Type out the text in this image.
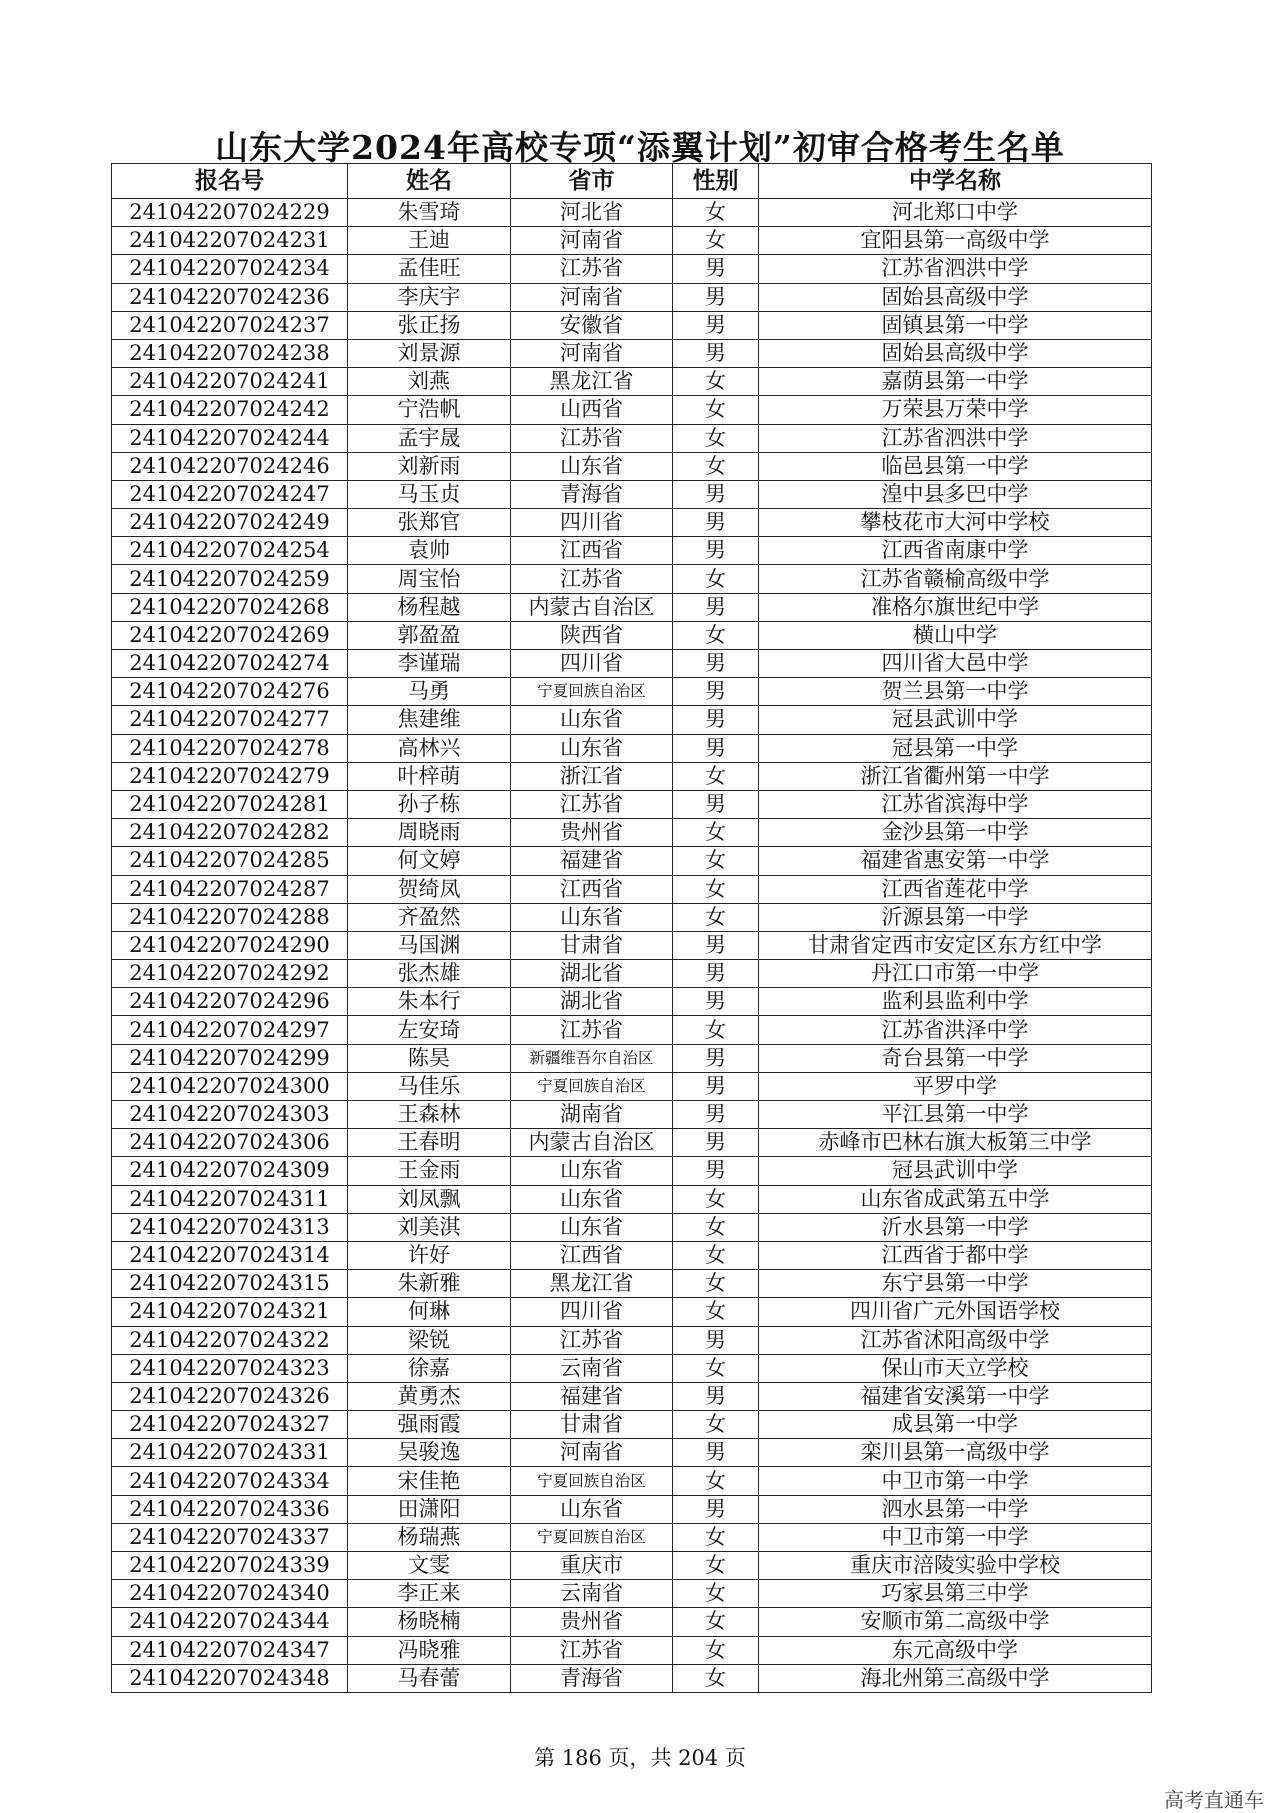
山东大学2024年高校专项“添翼计划”初审合格考生名单
报名号	姓名	省市	性别	中学名称
241042207024229	朱雪琦	河北省	女	河北郑口中学
241042207024231	王迪	河南省	女	宜阳县第一高级中学
241042207024234	孟佳旺	江苏省	男	江苏省泗洪中学
241042207024236	李庆宇	河南省	男	固始县高级中学
241042207024237	张正扬	安徽省	男	固镇县第一中学
241042207024238	刘景源	河南省	男	固始县高级中学
241042207024241	刘燕	黑龙江省	女	嘉荫县第一中学
241042207024242	宁浩帆	山西省	女	万荣县万荣中学
241042207024244	孟宇晟	江苏省	女	江苏省泗洪中学
241042207024246	刘新雨	山东省	女	临邑县第一中学
241042207024247	马玉贞	青海省	男	湟中县多巴中学
241042207024249	张郑官	四川省	男	攀枝花市大河中学校
241042207024254	袁帅	江西省	男	江西省南康中学
241042207024259	周宝怡	江苏省	女	江苏省赣榆高级中学
241042207024268	杨程越	内蒙古自治区	男	准格尔旗世纪中学
241042207024269	郭盈盈	陕西省	女	横山中学
241042207024274	李谨瑞	四川省	男	四川省大邑中学
241042207024276	马勇	宁夏回族自治区	男	贺兰县第一中学
241042207024277	焦建维	山东省	男	冠县武训中学
241042207024278	高林兴	山东省	男	冠县第一中学
241042207024279	叶梓萌	浙江省	女	浙江省衢州第一中学
241042207024281	孙子栋	江苏省	男	江苏省滨海中学
241042207024282	周晓雨	贵州省	女	金沙县第一中学
241042207024285	何文婷	福建省	女	福建省惠安第一中学
241042207024287	贺绮凤	江西省	女	江西省莲花中学
241042207024288	齐盈然	山东省	女	沂源县第一中学
241042207024290	马国渊	甘肃省	男	甘肃省定西市安定区东方红中学
241042207024292	张杰雄	湖北省	男	丹江口市第一中学
241042207024296	朱本行	湖北省	男	监利县监利中学
241042207024297	左安琦	江苏省	女	江苏省洪泽中学
241042207024299	陈昊	新疆维吾尔自治区	男	奇台县第一中学
241042207024300	马佳乐	宁夏回族自治区	男	平罗中学
241042207024303	王森林	湖南省	男	平江县第一中学
241042207024306	王春明	内蒙古自治区	男	赤峰市巴林右旗大板第三中学
241042207024309	王金雨	山东省	男	冠县武训中学
241042207024311	刘凤飘	山东省	女	山东省成武第五中学
241042207024313	刘美淇	山东省	女	沂水县第一中学
241042207024314	许好	江西省	女	江西省于都中学
241042207024315	朱新雅	黑龙江省	女	东宁县第一中学
241042207024321	何琳	四川省	女	四川省广元外国语学校
241042207024322	梁锐	江苏省	男	江苏省沭阳高级中学
241042207024323	徐嘉	云南省	女	保山市天立学校
241042207024326	黄勇杰	福建省	男	福建省安溪第一中学
241042207024327	强雨霞	甘肃省	女	成县第一中学
241042207024331	吴骏逸	河南省	男	栾川县第一高级中学
241042207024334	宋佳艳	宁夏回族自治区	女	中卫市第一中学
241042207024336	田潇阳	山东省	男	泗水县第一中学
241042207024337	杨瑞燕	宁夏回族自治区	女	中卫市第一中学
241042207024339	文雯	重庆市	女	重庆市涪陵实验中学校
241042207024340	李正来	云南省	女	巧家县第三中学
241042207024344	杨晓楠	贵州省	女	安顺市第二高级中学
241042207024347	冯晓雅	江苏省	女	东元高级中学
241042207024348	马春蕾	青海省	女	海北州第三高级中学
第 186 页，共 204 页
高考直通车
